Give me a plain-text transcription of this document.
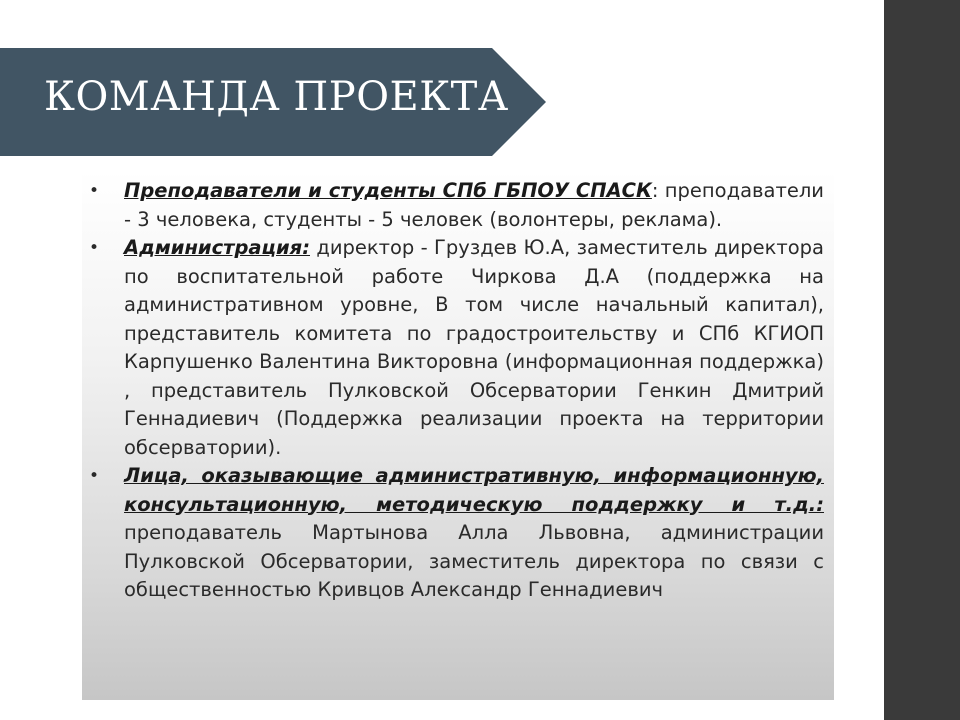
КОМАНДА ПРОЕКТА
• Преподаватели и студенты СПб ГБПОУ СПАСК: преподаватели - 3 человека, студенты - 5 человек (волонтеры, реклама).
• Администрация: директор - Груздев Ю.А, заместитель директора по воспитательной работе Чиркова Д.А (поддержка на административном уровне, В том числе начальный капитал), представитель комитета по градостроительству и СПб КГИОП Карпушенко Валентина Викторовна (информационная поддержка) , представитель Пулковской Обсерватории Генкин Дмитрий Геннадиевич (Поддержка реализации проекта на территории обсерватории).
• Лица, оказывающие административную, информационную, консультационную, методическую поддержку и т.д.: преподаватель Мартынова Алла Львовна, администрации Пулковской Обсерватории, заместитель директора по связи с общественностью Кривцов Александр Геннадиевич
